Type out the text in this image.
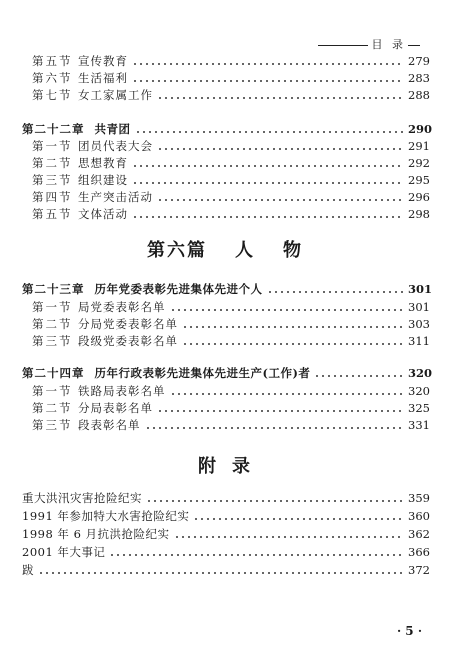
目 录
第五节 宣传教育	279
第六节 生活福利	283
第七节 女工家属工作	288
第二十二章 共青团	290
第一节 团员代表大会	291
第二节 思想教育	292
第三节 组织建设	295
第四节 生产突击活动	296
第五节 文体活动	298
第六篇 人 物
第二十三章 历年党委表彰先进集体先进个人	301
第一节 局党委表彰名单	301
第二节 分局党委表彰名单	303
第三节 段级党委表彰名单	311
第二十四章 历年行政表彰先进集体先进生产(工作)者	320
第一节 铁路局表彰名单	320
第二节 分局表彰名单	325
第三节 段表彰名单	331
附 录
重大洪汛灾害抢险纪实	359
1991 年参加特大水害抢险纪实	360
1998 年 6 月抗洪抢险纪实	362
2001 年大事记	366
跋	372
· 5 ·
